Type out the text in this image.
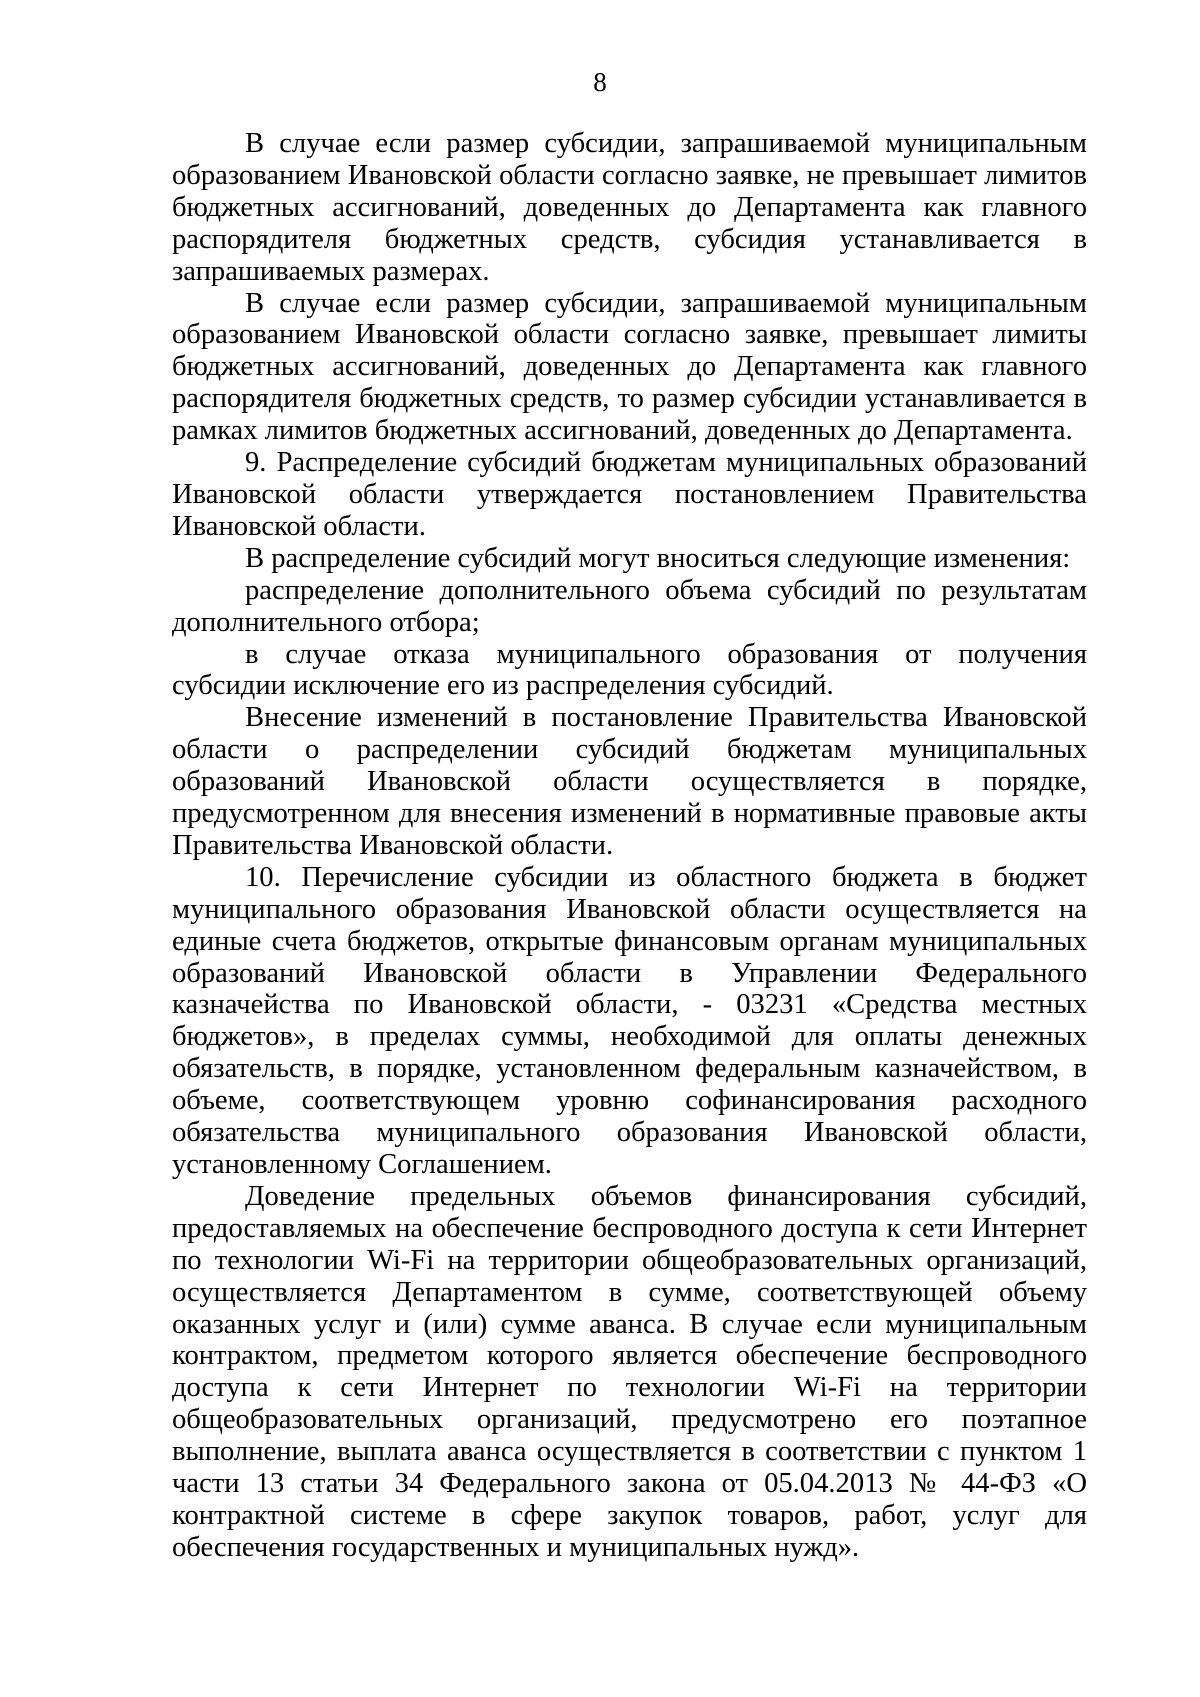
8

В случае если размер субсидии, запрашиваемой муниципальным образованием Ивановской области согласно заявке, не превышает лимитов бюджетных ассигнований, доведенных до Департамента как главного распорядителя бюджетных средств, субсидия устанавливается в запрашиваемых размерах.

В случае если размер субсидии, запрашиваемой муниципальным образованием Ивановской области согласно заявке, превышает лимиты бюджетных ассигнований, доведенных до Департамента как главного распорядителя бюджетных средств, то размер субсидии устанавливается в рамках лимитов бюджетных ассигнований, доведенных до Департамента.

9. Распределение субсидий бюджетам муниципальных образований Ивановской области утверждается постановлением Правительства Ивановской области.

В распределение субсидий могут вноситься следующие изменения:

распределение дополнительного объема субсидий по результатам дополнительного отбора;

в случае отказа муниципального образования от получения субсидии исключение его из распределения субсидий.

Внесение изменений в постановление Правительства Ивановской области о распределении субсидий бюджетам муниципальных образований Ивановской области осуществляется в порядке, предусмотренном для внесения изменений в нормативные правовые акты Правительства Ивановской области.

10. Перечисление субсидии из областного бюджета в бюджет муниципального образования Ивановской области осуществляется на единые счета бюджетов, открытые финансовым органам муниципальных образований Ивановской области в Управлении Федерального казначейства по Ивановской области, - 03231 «Средства местных бюджетов», в пределах суммы, необходимой для оплаты денежных обязательств, в порядке, установленном федеральным казначейством, в объеме, соответствующем уровню софинансирования расходного обязательства муниципального образования Ивановской области, установленному Соглашением.

Доведение предельных объемов финансирования субсидий, предоставляемых на обеспечение беспроводного доступа к сети Интернет по технологии Wi-Fi на территории общеобразовательных организаций, осуществляется Департаментом в сумме, соответствующей объему оказанных услуг и (или) сумме аванса. В случае если муниципальным контрактом, предметом которого является обеспечение беспроводного доступа к сети Интернет по технологии Wi-Fi на территории общеобразовательных организаций, предусмотрено его поэтапное выполнение, выплата аванса осуществляется в соответствии с пунктом 1 части 13 статьи 34 Федерального закона от 05.04.2013 № 44-ФЗ «О контрактной системе в сфере закупок товаров, работ, услуг для обеспечения государственных и муниципальных нужд».
